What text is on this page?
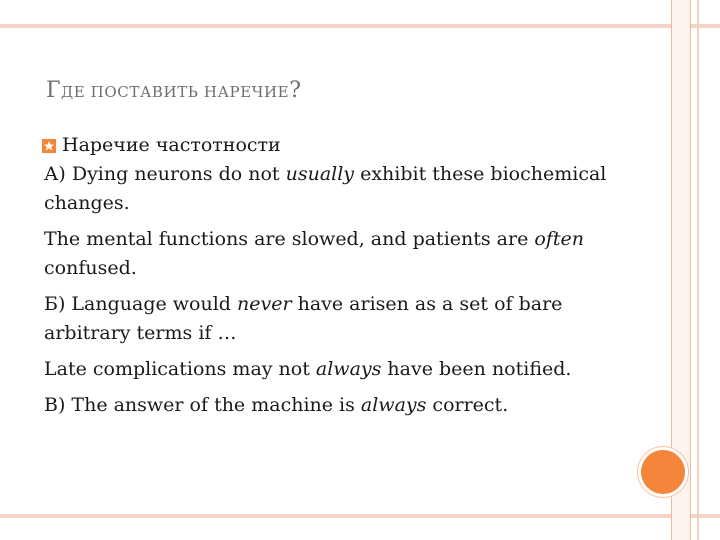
ГДЕ ПОСТАВИТЬ НАРЕЧИЕ?
Наречие частотности

А) Dying neurons do not usually exhibit these biochemical changes.

The mental functions are slowed, and patients are often confused.

Б) Language would never have arisen as a set of bare arbitrary terms if …

Late complications may not always have been notified.

В) The answer of the machine is always correct.
